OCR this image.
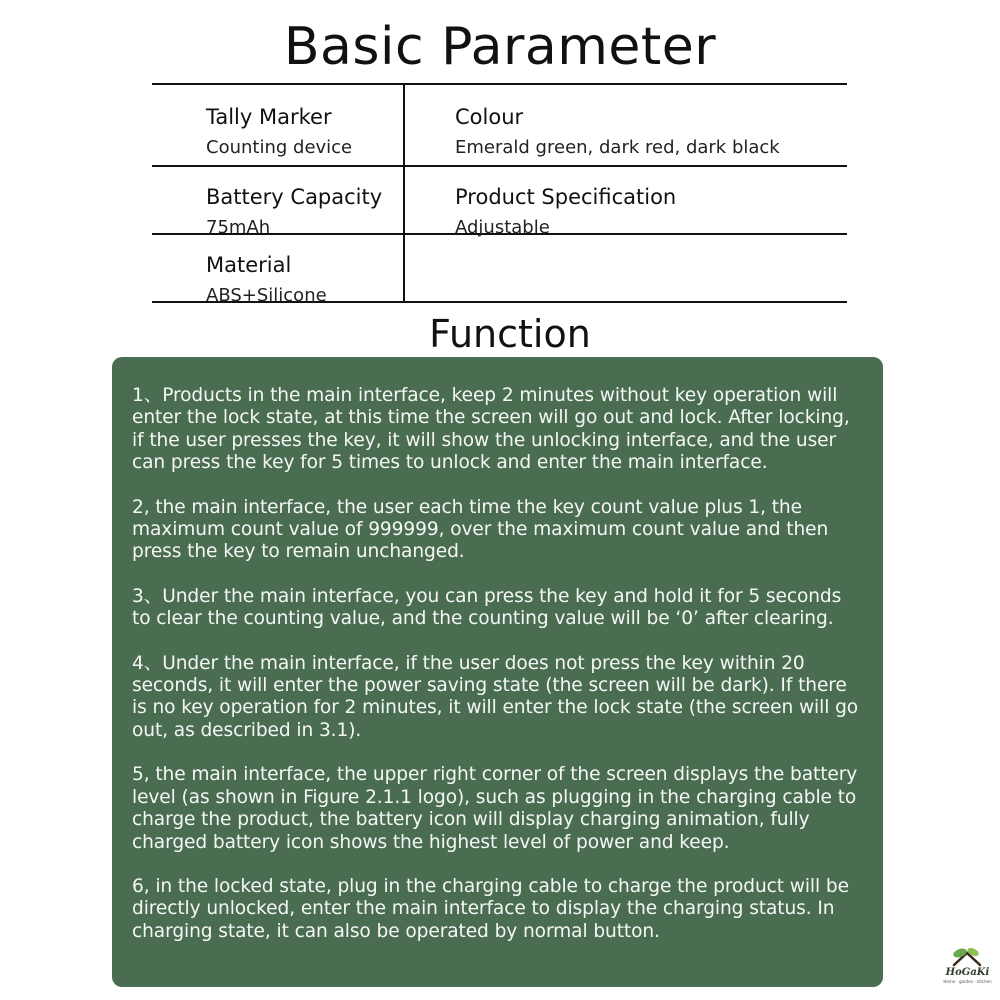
Basic Parameter
Tally Marker
Counting device
Colour
Emerald green, dark red, dark black
Battery Capacity
75mAh
Product Specification
Adjustable
Material
ABS+Silicone
Function

1、Products in the main interface, keep 2 minutes without key operation will enter the lock state, at this time the screen will go out and lock. After locking, if the user presses the key, it will show the unlocking interface, and the user can press the key for 5 times to unlock and enter the main interface.

2, the main interface, the user each time the key count value plus 1, the maximum count value of 999999, over the maximum count value and then press the key to remain unchanged.

3、Under the main interface, you can press the key and hold it for 5 seconds to clear the counting value, and the counting value will be ‘0’ after clearing.

4、Under the main interface, if the user does not press the key within 20 seconds, it will enter the power saving state (the screen will be dark). If there is no key operation for 2 minutes, it will enter the lock state (the screen will go out, as described in 3.1).

5, the main interface, the upper right corner of the screen displays the battery level (as shown in Figure 2.1.1 logo), such as plugging in the charging cable to charge the product, the battery icon will display charging animation, fully charged battery icon shows the highest level of power and keep.

6, in the locked state, plug in the charging cable to charge the product will be directly unlocked, enter the main interface to display the charging status. In charging state, it can also be operated by normal button.

HoGaKi
Home · garden · kitchen
